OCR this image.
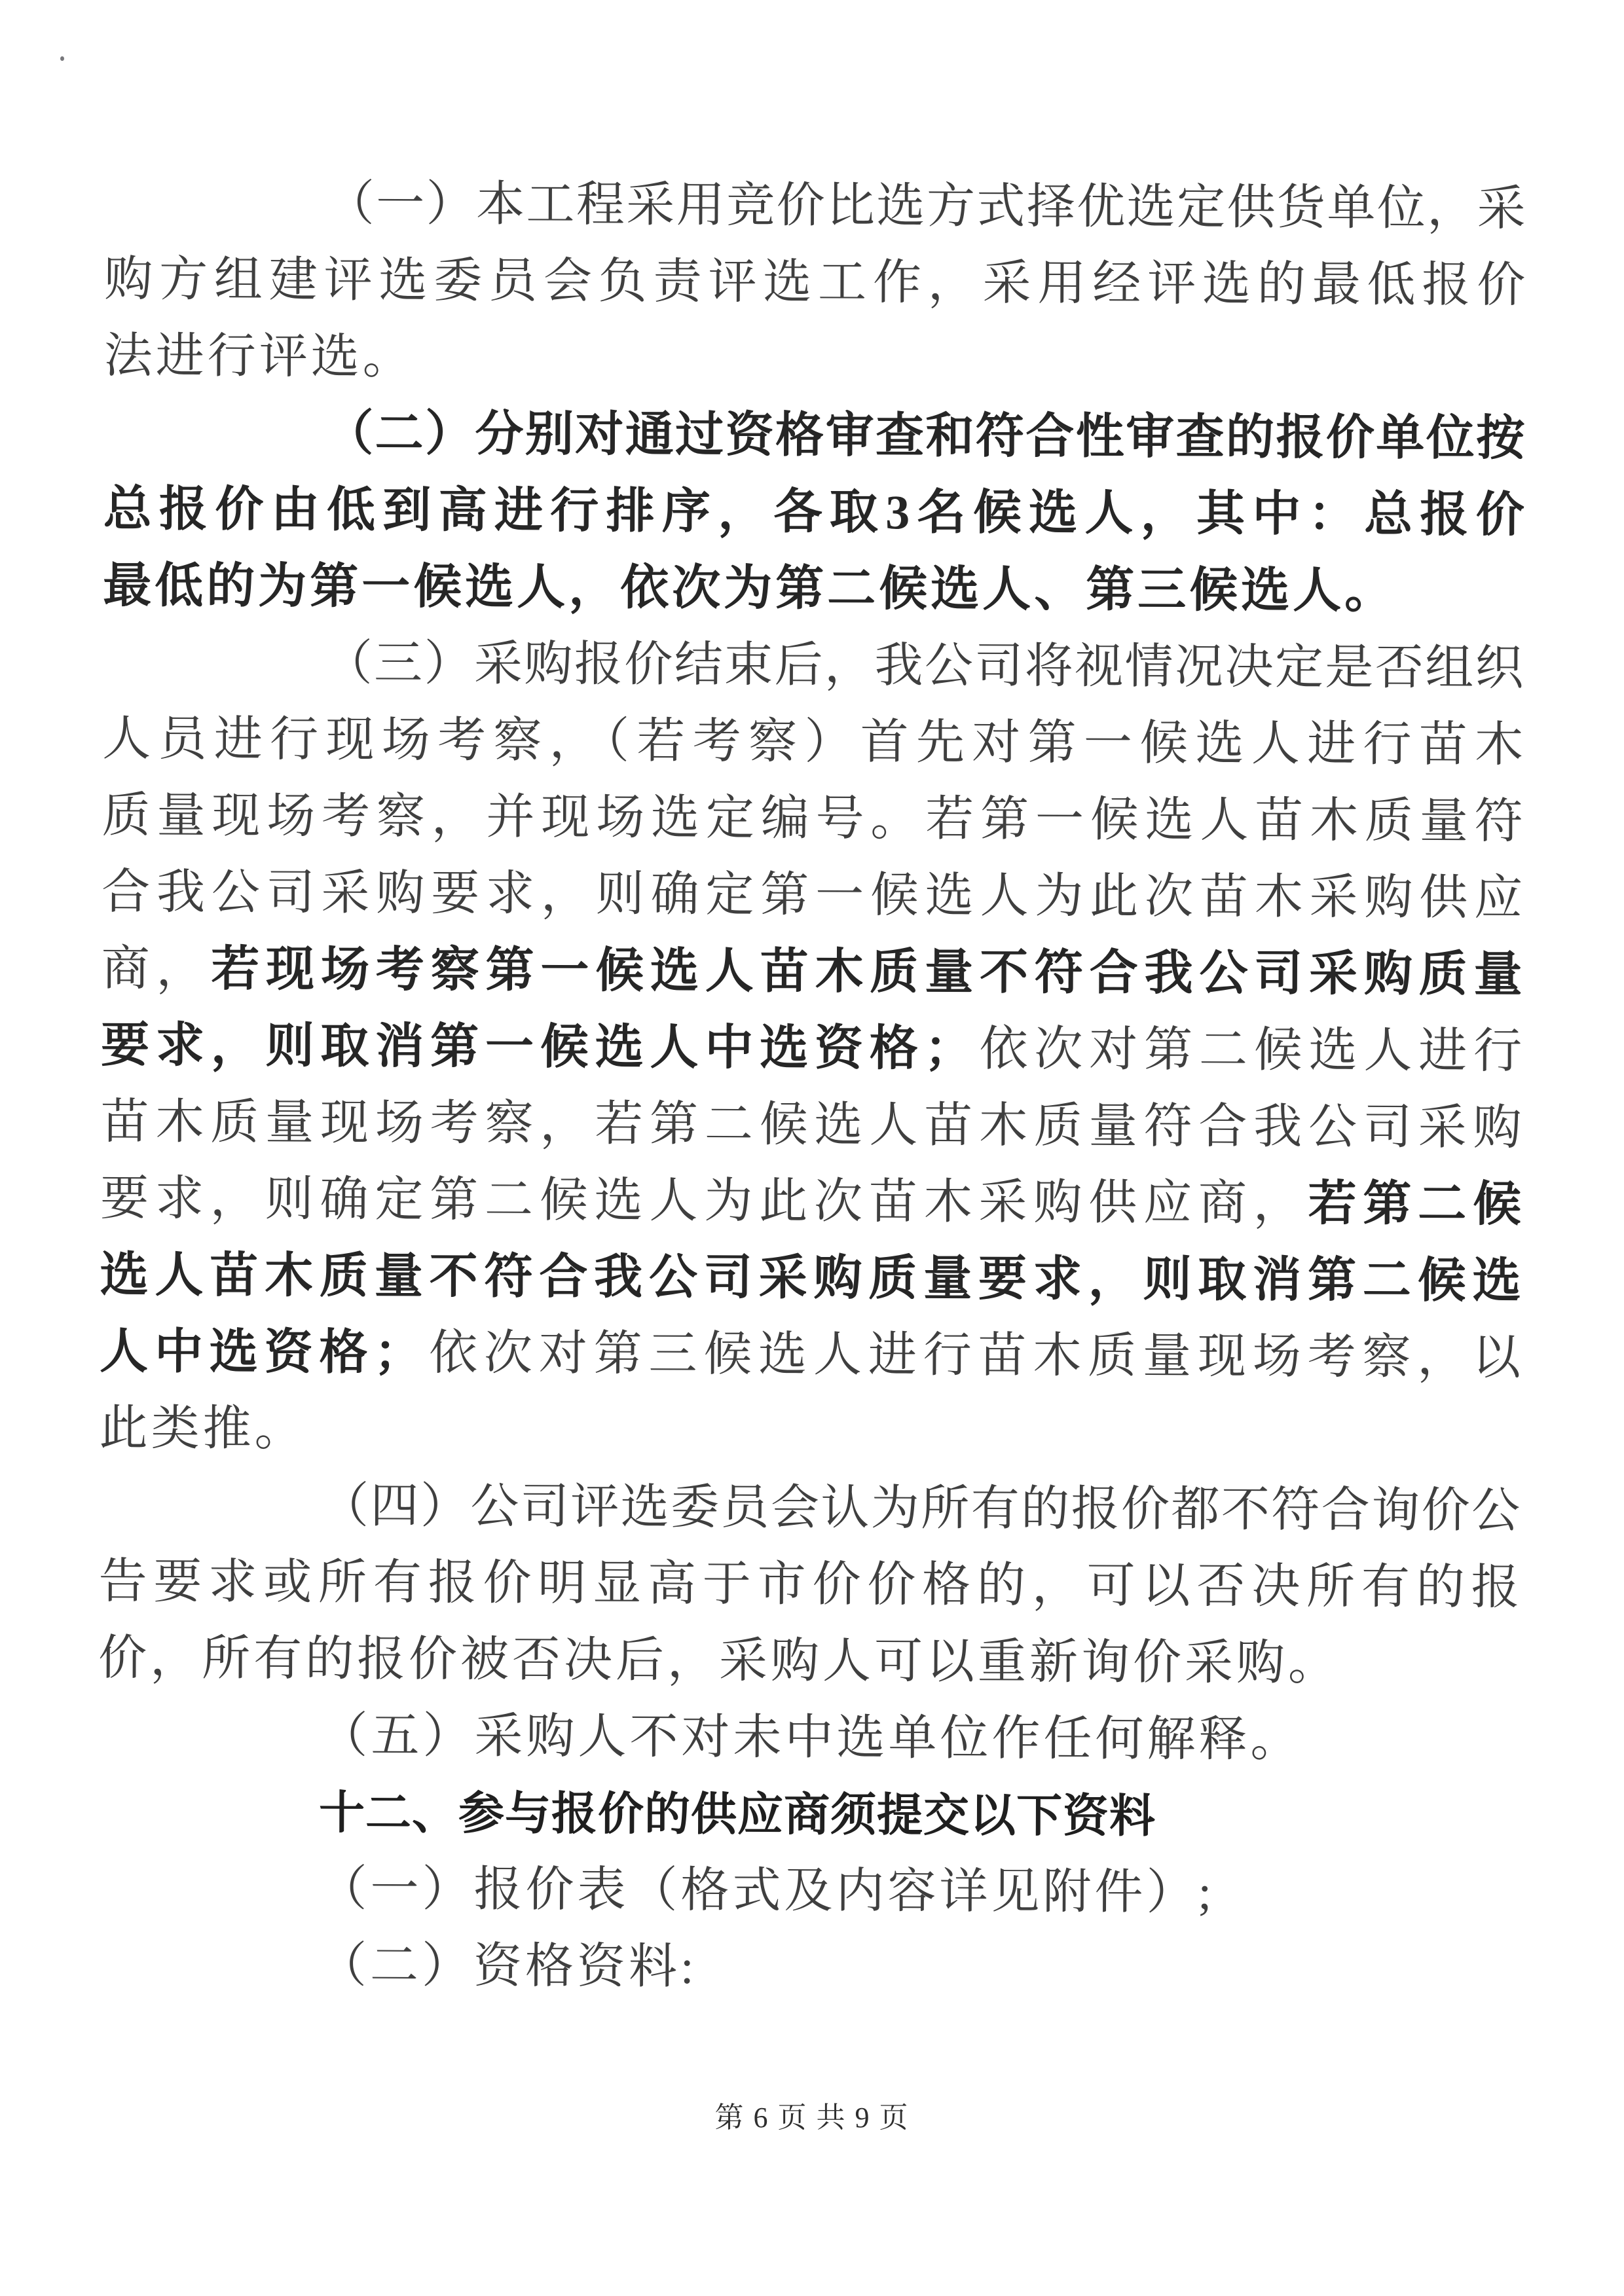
（一）本工程采用竞价比选方式择优选定供货单位，采
购方组建评选委员会负责评选工作，采用经评选的最低报价
法进行评选。
（二）分别对通过资格审查和符合性审查的报价单位按
总报价由低到高进行排序，各取3名候选人，其中：总报价
最低的为第一候选人，依次为第二候选人、第三候选人。
（三）采购报价结束后，我公司将视情况决定是否组织
人员进行现场考察，（若考察）首先对第一候选人进行苗木
质量现场考察，并现场选定编号。若第一候选人苗木质量符
合我公司采购要求，则确定第一候选人为此次苗木采购供应
商，若现场考察第一候选人苗木质量不符合我公司采购质量
要求，则取消第一候选人中选资格；依次对第二候选人进行
苗木质量现场考察，若第二候选人苗木质量符合我公司采购
要求，则确定第二候选人为此次苗木采购供应商，若第二候
选人苗木质量不符合我公司采购质量要求，则取消第二候选
人中选资格；依次对第三候选人进行苗木质量现场考察，以
此类推。
（四）公司评选委员会认为所有的报价都不符合询价公
告要求或所有报价明显高于市价价格的，可以否决所有的报
价，所有的报价被否决后，采购人可以重新询价采购。
（五）采购人不对未中选单位作任何解释。
十二、参与报价的供应商须提交以下资料
（一）报价表（格式及内容详见附件）;
（二）资格资料:
第 6 页 共 9 页
